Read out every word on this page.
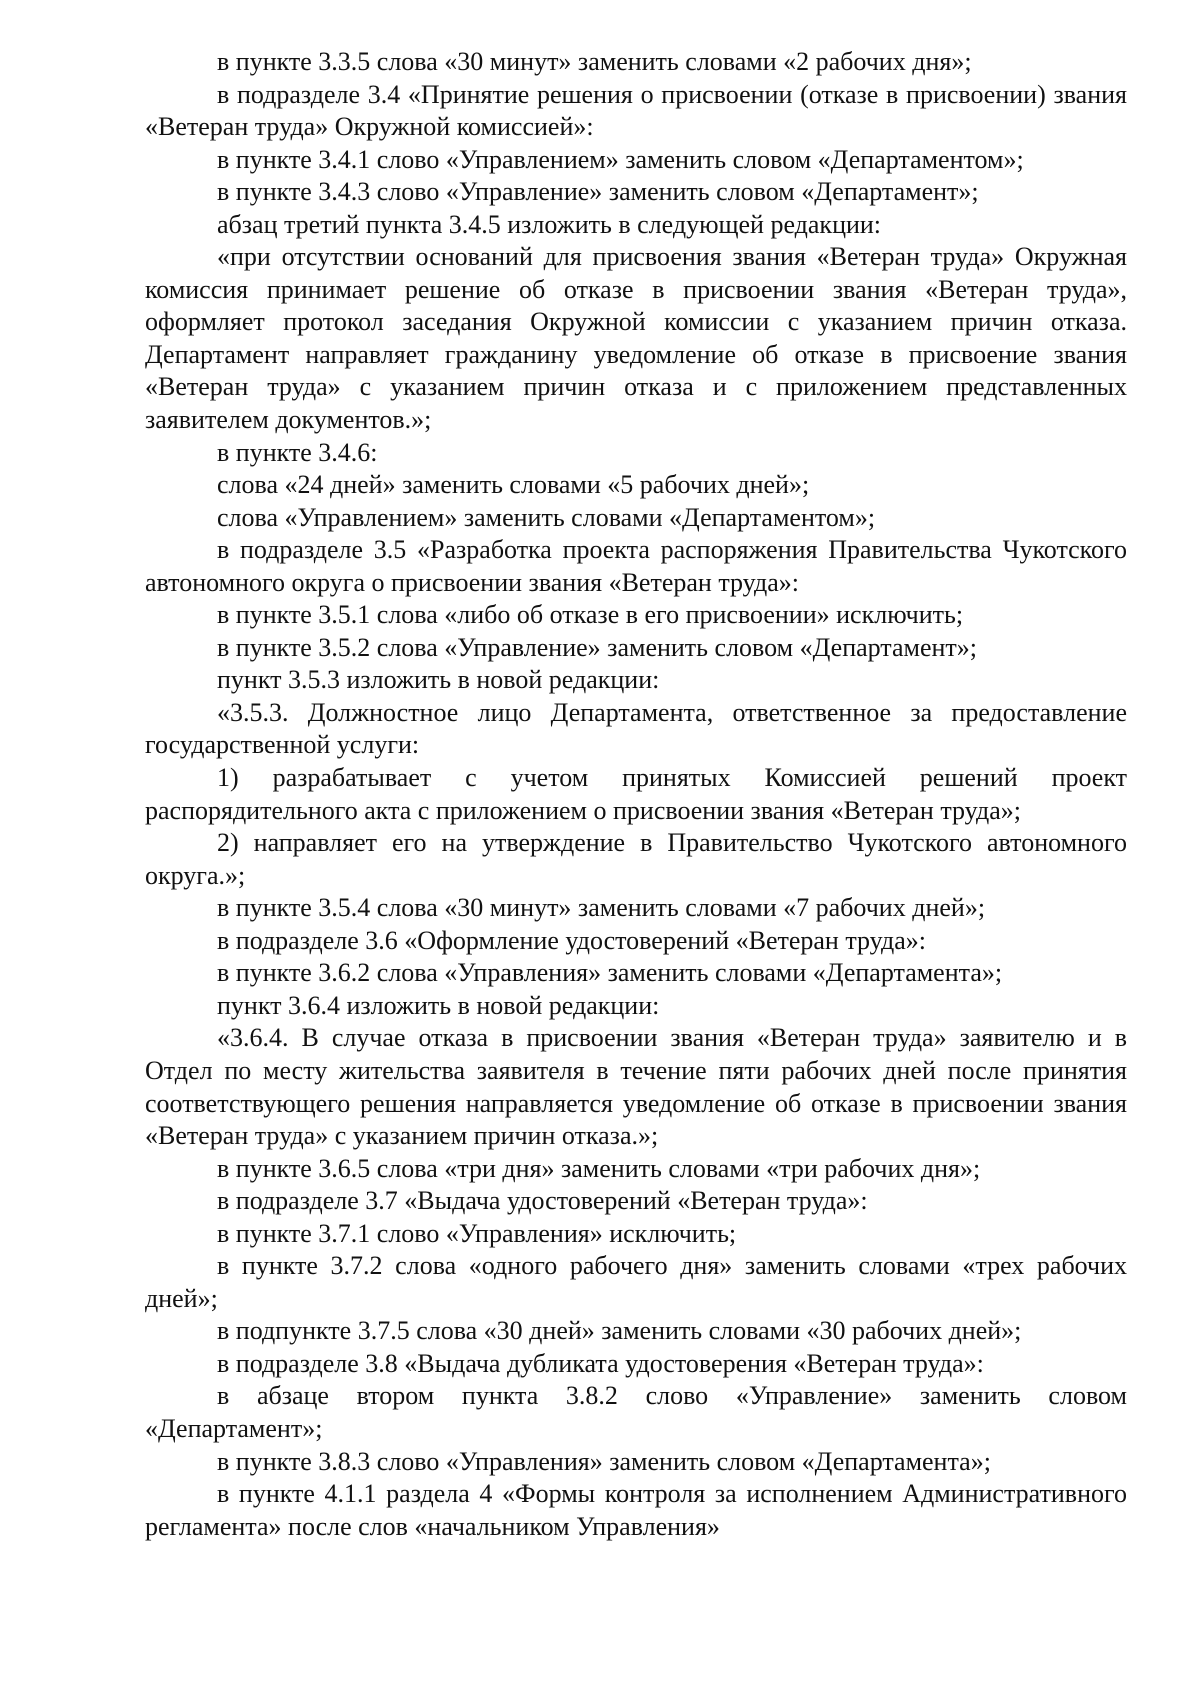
в пункте 3.3.5 слова «30 минут» заменить словами «2 рабочих дня»;

в подразделе 3.4 «Принятие решения о присвоении (отказе в присвоении) звания «Ветеран труда» Окружной комиссией»:

в пункте 3.4.1 слово «Управлением» заменить словом «Департаментом»;

в пункте 3.4.3 слово «Управление» заменить словом «Департамент»;

абзац третий пункта 3.4.5 изложить в следующей редакции:

«при отсутствии оснований для присвоения звания «Ветеран труда» Окружная комиссия принимает решение об отказе в присвоении звания «Ветеран труда», оформляет протокол заседания Окружной комиссии с указанием причин отказа. Департамент направляет гражданину уведомление об отказе в присвоение звания «Ветеран труда» с указанием причин отказа и с приложением представленных заявителем документов.»;

в пункте 3.4.6:

слова «24 дней» заменить словами «5 рабочих дней»;

слова «Управлением» заменить словами «Департаментом»;

в подразделе 3.5 «Разработка проекта распоряжения Правительства Чукотского автономного округа о присвоении звания «Ветеран труда»:

в пункте 3.5.1 слова «либо об отказе в его присвоении» исключить;

в пункте 3.5.2 слова «Управление» заменить словом «Департамент»;

пункт 3.5.3 изложить в новой редакции:

«3.5.3. Должностное лицо Департамента, ответственное за предоставление государственной услуги:

1) разрабатывает с учетом принятых Комиссией решений проект распорядительного акта с приложением о присвоении звания «Ветеран труда»;

2) направляет его на утверждение в Правительство Чукотского автономного округа.»;

в пункте 3.5.4 слова «30 минут» заменить словами «7 рабочих дней»;

в подразделе 3.6 «Оформление удостоверений «Ветеран труда»:

в пункте 3.6.2 слова «Управления» заменить словами «Департамента»;

пункт 3.6.4 изложить в новой редакции:

«3.6.4. В случае отказа в присвоении звания «Ветеран труда» заявителю и в Отдел по месту жительства заявителя в течение пяти рабочих дней после принятия соответствующего решения направляется уведомление об отказе в присвоении звания «Ветеран труда» с указанием причин отказа.»;

в пункте 3.6.5 слова «три дня» заменить словами «три рабочих дня»;

в подразделе 3.7 «Выдача удостоверений «Ветеран труда»:

в пункте 3.7.1 слово «Управления» исключить;

в пункте 3.7.2 слова «одного рабочего дня» заменить словами «трех рабочих дней»;

в подпункте 3.7.5 слова «30 дней» заменить словами «30 рабочих дней»;

в подразделе 3.8 «Выдача дубликата удостоверения «Ветеран труда»:

в абзаце втором пункта 3.8.2 слово «Управление» заменить словом «Департамент»;

в пункте 3.8.3 слово «Управления» заменить словом «Департамента»;

в пункте 4.1.1 раздела 4 «Формы контроля за исполнением Административного регламента» после слов «начальником Управления»
